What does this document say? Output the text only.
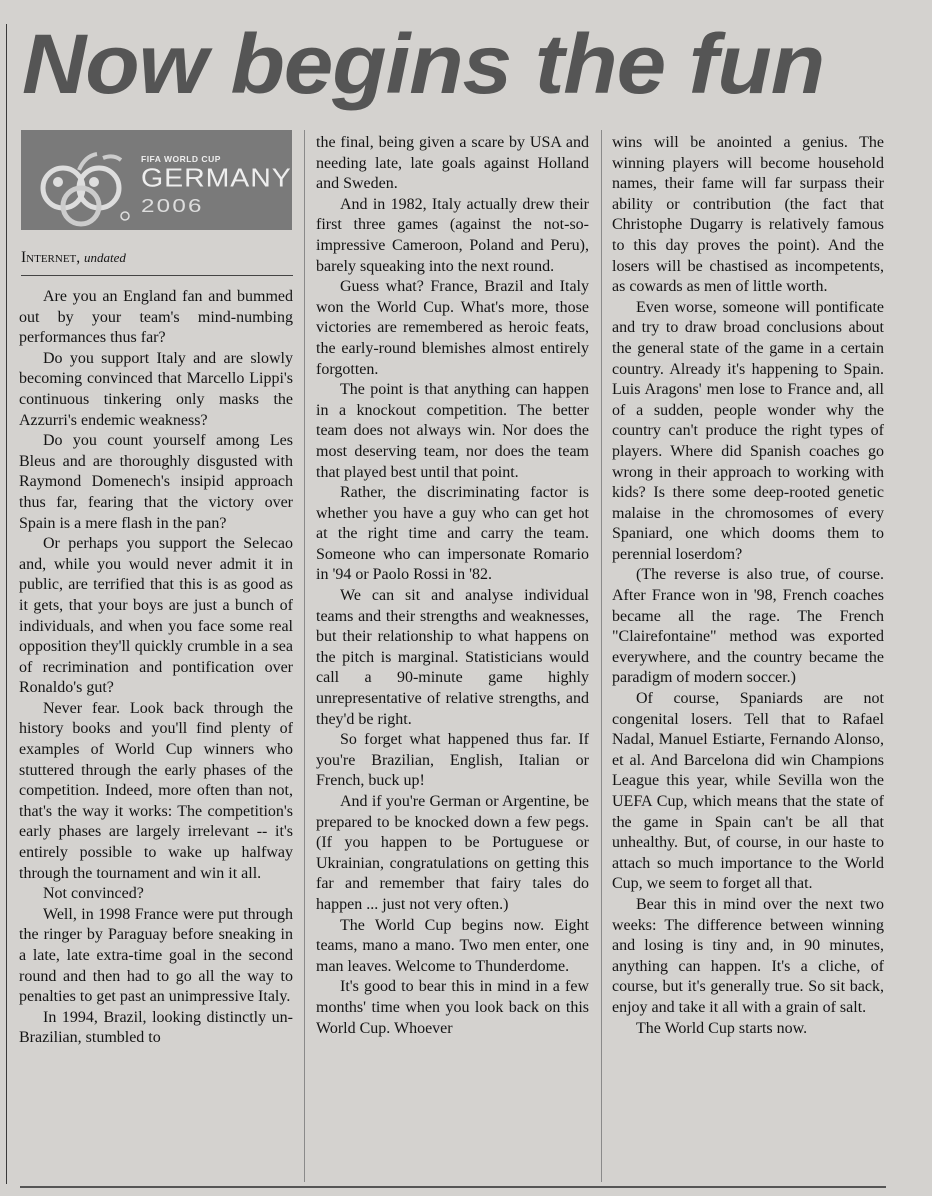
Now begins the fun
FIFA WORLD CUP
GERMANY
2006
Internet, undated

Are you an England fan and bummed out by your team's mind-numbing performances thus far?

Do you support Italy and are slowly becoming convinced that Marcello Lippi's continuous tinkering only masks the Azzurri's endemic weakness?

Do you count yourself among Les Bleus and are thoroughly disgusted with Raymond Domenech's insipid approach thus far, fearing that the victory over Spain is a mere flash in the pan?

Or perhaps you support the Selecao and, while you would never admit it in public, are terrified that this is as good as it gets, that your boys are just a bunch of individuals, and when you face some real opposition they'll quickly crumble in a sea of recrimination and pontification over Ronaldo's gut?

Never fear. Look back through the history books and you'll find plenty of examples of World Cup winners who stuttered through the early phases of the competition. Indeed, more often than not, that's the way it works: The competition's early phases are largely irrelevant -- it's entirely possible to wake up halfway through the tournament and win it all.

Not convinced?

Well, in 1998 France were put through the ringer by Paraguay before sneaking in a late, late extra-time goal in the second round and then had to go all the way to penalties to get past an unimpressive Italy.

In 1994, Brazil, looking distinctly un-Brazilian, stumbled to

the final, being given a scare by USA and needing late, late goals against Holland and Sweden.

And in 1982, Italy actually drew their first three games (against the not-so-impressive Cameroon, Poland and Peru), barely squeaking into the next round.

Guess what? France, Brazil and Italy won the World Cup. What's more, those victories are remembered as heroic feats, the early-round blemishes almost entirely forgotten.

The point is that anything can happen in a knockout competition. The better team does not always win. Nor does the most deserving team, nor does the team that played best until that point.

Rather, the discriminating factor is whether you have a guy who can get hot at the right time and carry the team. Someone who can impersonate Romario in '94 or Paolo Rossi in '82.

We can sit and analyse individual teams and their strengths and weaknesses, but their relationship to what happens on the pitch is marginal. Statisticians would call a 90-minute game highly unrepresentative of relative strengths, and they'd be right.

So forget what happened thus far. If you're Brazilian, English, Italian or French, buck up!

And if you're German or Argentine, be prepared to be knocked down a few pegs. (If you happen to be Portuguese or Ukrainian, congratulations on getting this far and remember that fairy tales do happen ... just not very often.)

The World Cup begins now. Eight teams, mano a mano. Two men enter, one man leaves. Welcome to Thunderdome.

It's good to bear this in mind in a few months' time when you look back on this World Cup. Whoever

wins will be anointed a genius. The winning players will become household names, their fame will far surpass their ability or contribution (the fact that Christophe Dugarry is relatively famous to this day proves the point). And the losers will be chastised as incompetents, as cowards as men of little worth.

Even worse, someone will pontificate and try to draw broad conclusions about the general state of the game in a certain country. Already it's happening to Spain. Luis Aragons' men lose to France and, all of a sudden, people wonder why the country can't produce the right types of players. Where did Spanish coaches go wrong in their approach to working with kids? Is there some deep-rooted genetic malaise in the chromosomes of every Spaniard, one which dooms them to perennial loserdom?

(The reverse is also true, of course. After France won in '98, French coaches became all the rage. The French "Clairefontaine" method was exported everywhere, and the country became the paradigm of modern soccer.)

Of course, Spaniards are not congenital losers. Tell that to Rafael Nadal, Manuel Estiarte, Fernando Alonso, et al. And Barcelona did win Champions League this year, while Sevilla won the UEFA Cup, which means that the state of the game in Spain can't be all that unhealthy. But, of course, in our haste to attach so much importance to the World Cup, we seem to forget all that.

Bear this in mind over the next two weeks: The difference between winning and losing is tiny and, in 90 minutes, anything can happen. It's a cliche, of course, but it's generally true. So sit back, enjoy and take it all with a grain of salt.

The World Cup starts now.
